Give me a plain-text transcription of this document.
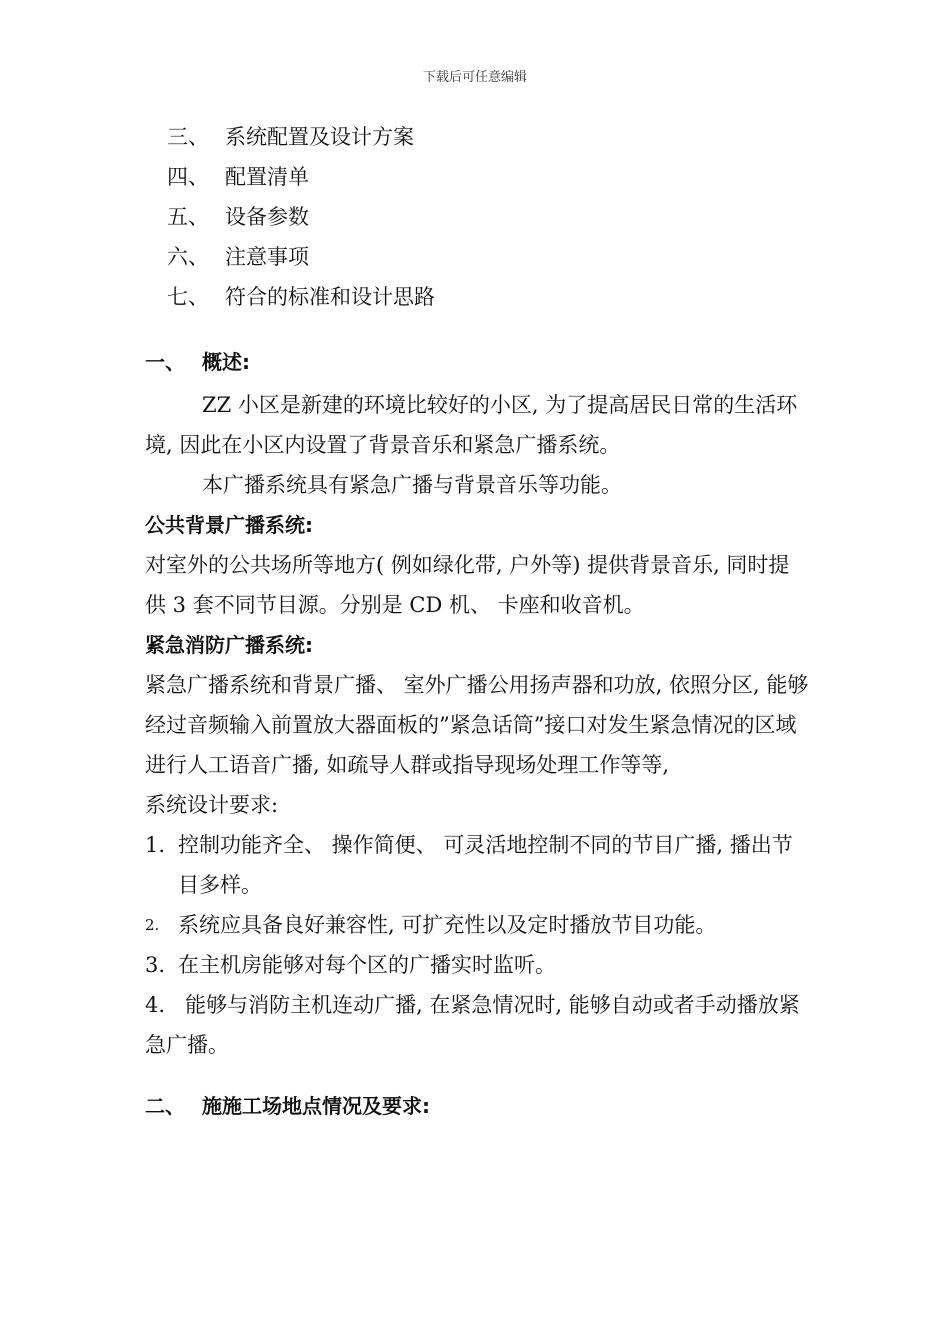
下载后可任意编辑
三、 系统配置及设计方案
四、 配置清单
五、 设备参数
六、 注意事项
七、 符合的标准和设计思路
一、 概述:
ZZ 小区是新建的环境比较好的小区, 为了提高居民日常的生活环境, 因此在小区内设置了背景音乐和紧急广播系统。
本广播系统具有紧急广播与背景音乐等功能。
公共背景广播系统:
对室外的公共场所等地方( 例如绿化带, 户外等) 提供背景音乐, 同时提供 3 套不同节目源。分别是 CD 机、 卡座和收音机。
紧急消防广播系统:
紧急广播系统和背景广播、 室外广播公用扬声器和功放, 依照分区, 能够经过音频输入前置放大器面板的”紧急话筒”接口对发生紧急情况的区域进行人工语音广播, 如疏导人群或指导现场处理工作等等,
系统设计要求:
1. 控制功能齐全、 操作简便、 可灵活地控制不同的节目广播, 播出节目多样。
2. 系统应具备良好兼容性, 可扩充性以及定时播放节目功能。
3. 在主机房能够对每个区的广播实时监听。
4. 能够与消防主机连动广播, 在紧急情况时, 能够自动或者手动播放紧急广播。
二、 施施工场地点情况及要求:
